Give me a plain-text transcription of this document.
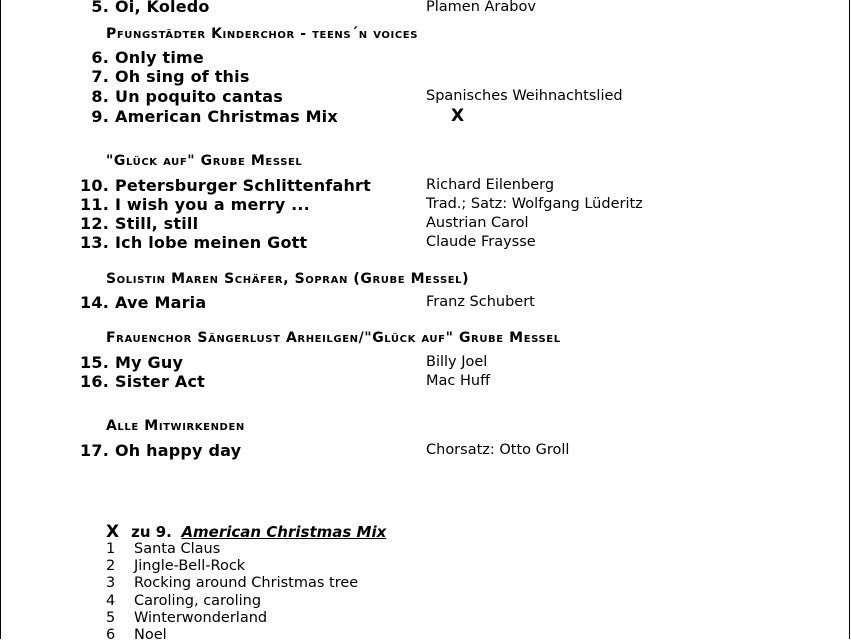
5. Oi, Koledo	Plamen Arabov
Pfungstädter Kinderchor - teens´n voices
6. Only time
7. Oh sing of this
8. Un poquito cantas	Spanisches Weihnachtslied
9. American Christmas Mix	X
"Glück auf" Grube Messel
10. Petersburger Schlittenfahrt	Richard Eilenberg
11. I wish you a merry ...	Trad.; Satz: Wolfgang Lüderitz
12. Still, still	Austrian Carol
13. Ich lobe meinen Gott	Claude Fraysse
Solistin Maren Schäfer, Sopran (Grube Messel)
14. Ave Maria	Franz Schubert
Frauenchor Sängerlust Arheilgen/"Glück auf" Grube Messel
15. My Guy	Billy Joel
16. Sister Act	Mac Huff
Alle Mitwirkenden
17. Oh happy day	Chorsatz: Otto Groll
X zu 9. American Christmas Mix
1 Santa Claus
2 Jingle-Bell-Rock
3 Rocking around Christmas tree
4 Caroling, caroling
5 Winterwonderland
6 Noel
